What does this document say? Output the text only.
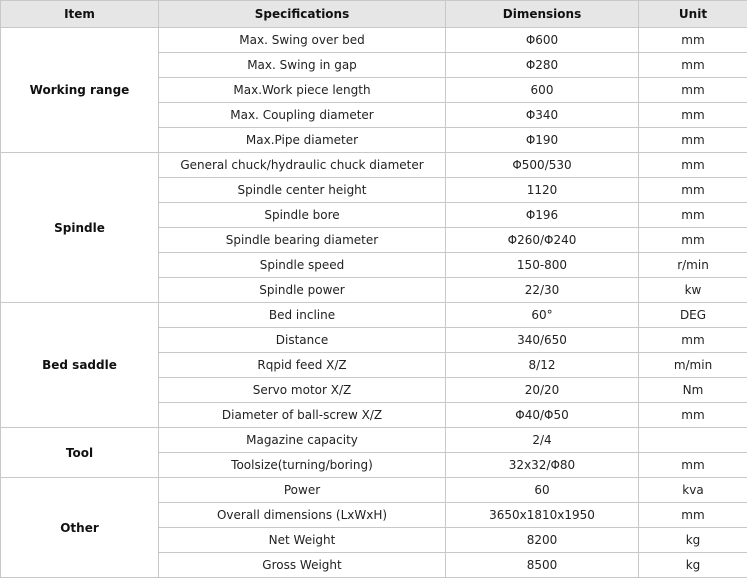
Item	Specifications	Dimensions	Unit
Working range	Max. Swing over bed	Φ600	mm
	Max. Swing in gap	Φ280	mm
	Max.Work piece length	600	mm
	Max. Coupling diameter	Φ340	mm
	Max.Pipe diameter	Φ190	mm
Spindle	General chuck/hydraulic chuck diameter	Φ500/530	mm
	Spindle center height	1120	mm
	Spindle bore	Φ196	mm
	Spindle bearing diameter	Φ260/Φ240	mm
	Spindle speed	150-800	r/min
	Spindle power	22/30	kw
Bed saddle	Bed incline	60°	DEG
	Distance	340/650	mm
	Rqpid feed X/Z	8/12	m/min
	Servo motor X/Z	20/20	Nm
	Diameter of ball-screw X/Z	Φ40/Φ50	mm
Tool	Magazine capacity	2/4	
	Toolsize(turning/boring)	32x32/Φ80	mm
Other	Power	60	kva
	Overall dimensions (LxWxH)	3650x1810x1950	mm
	Net Weight	8200	kg
	Gross Weight	8500	kg
